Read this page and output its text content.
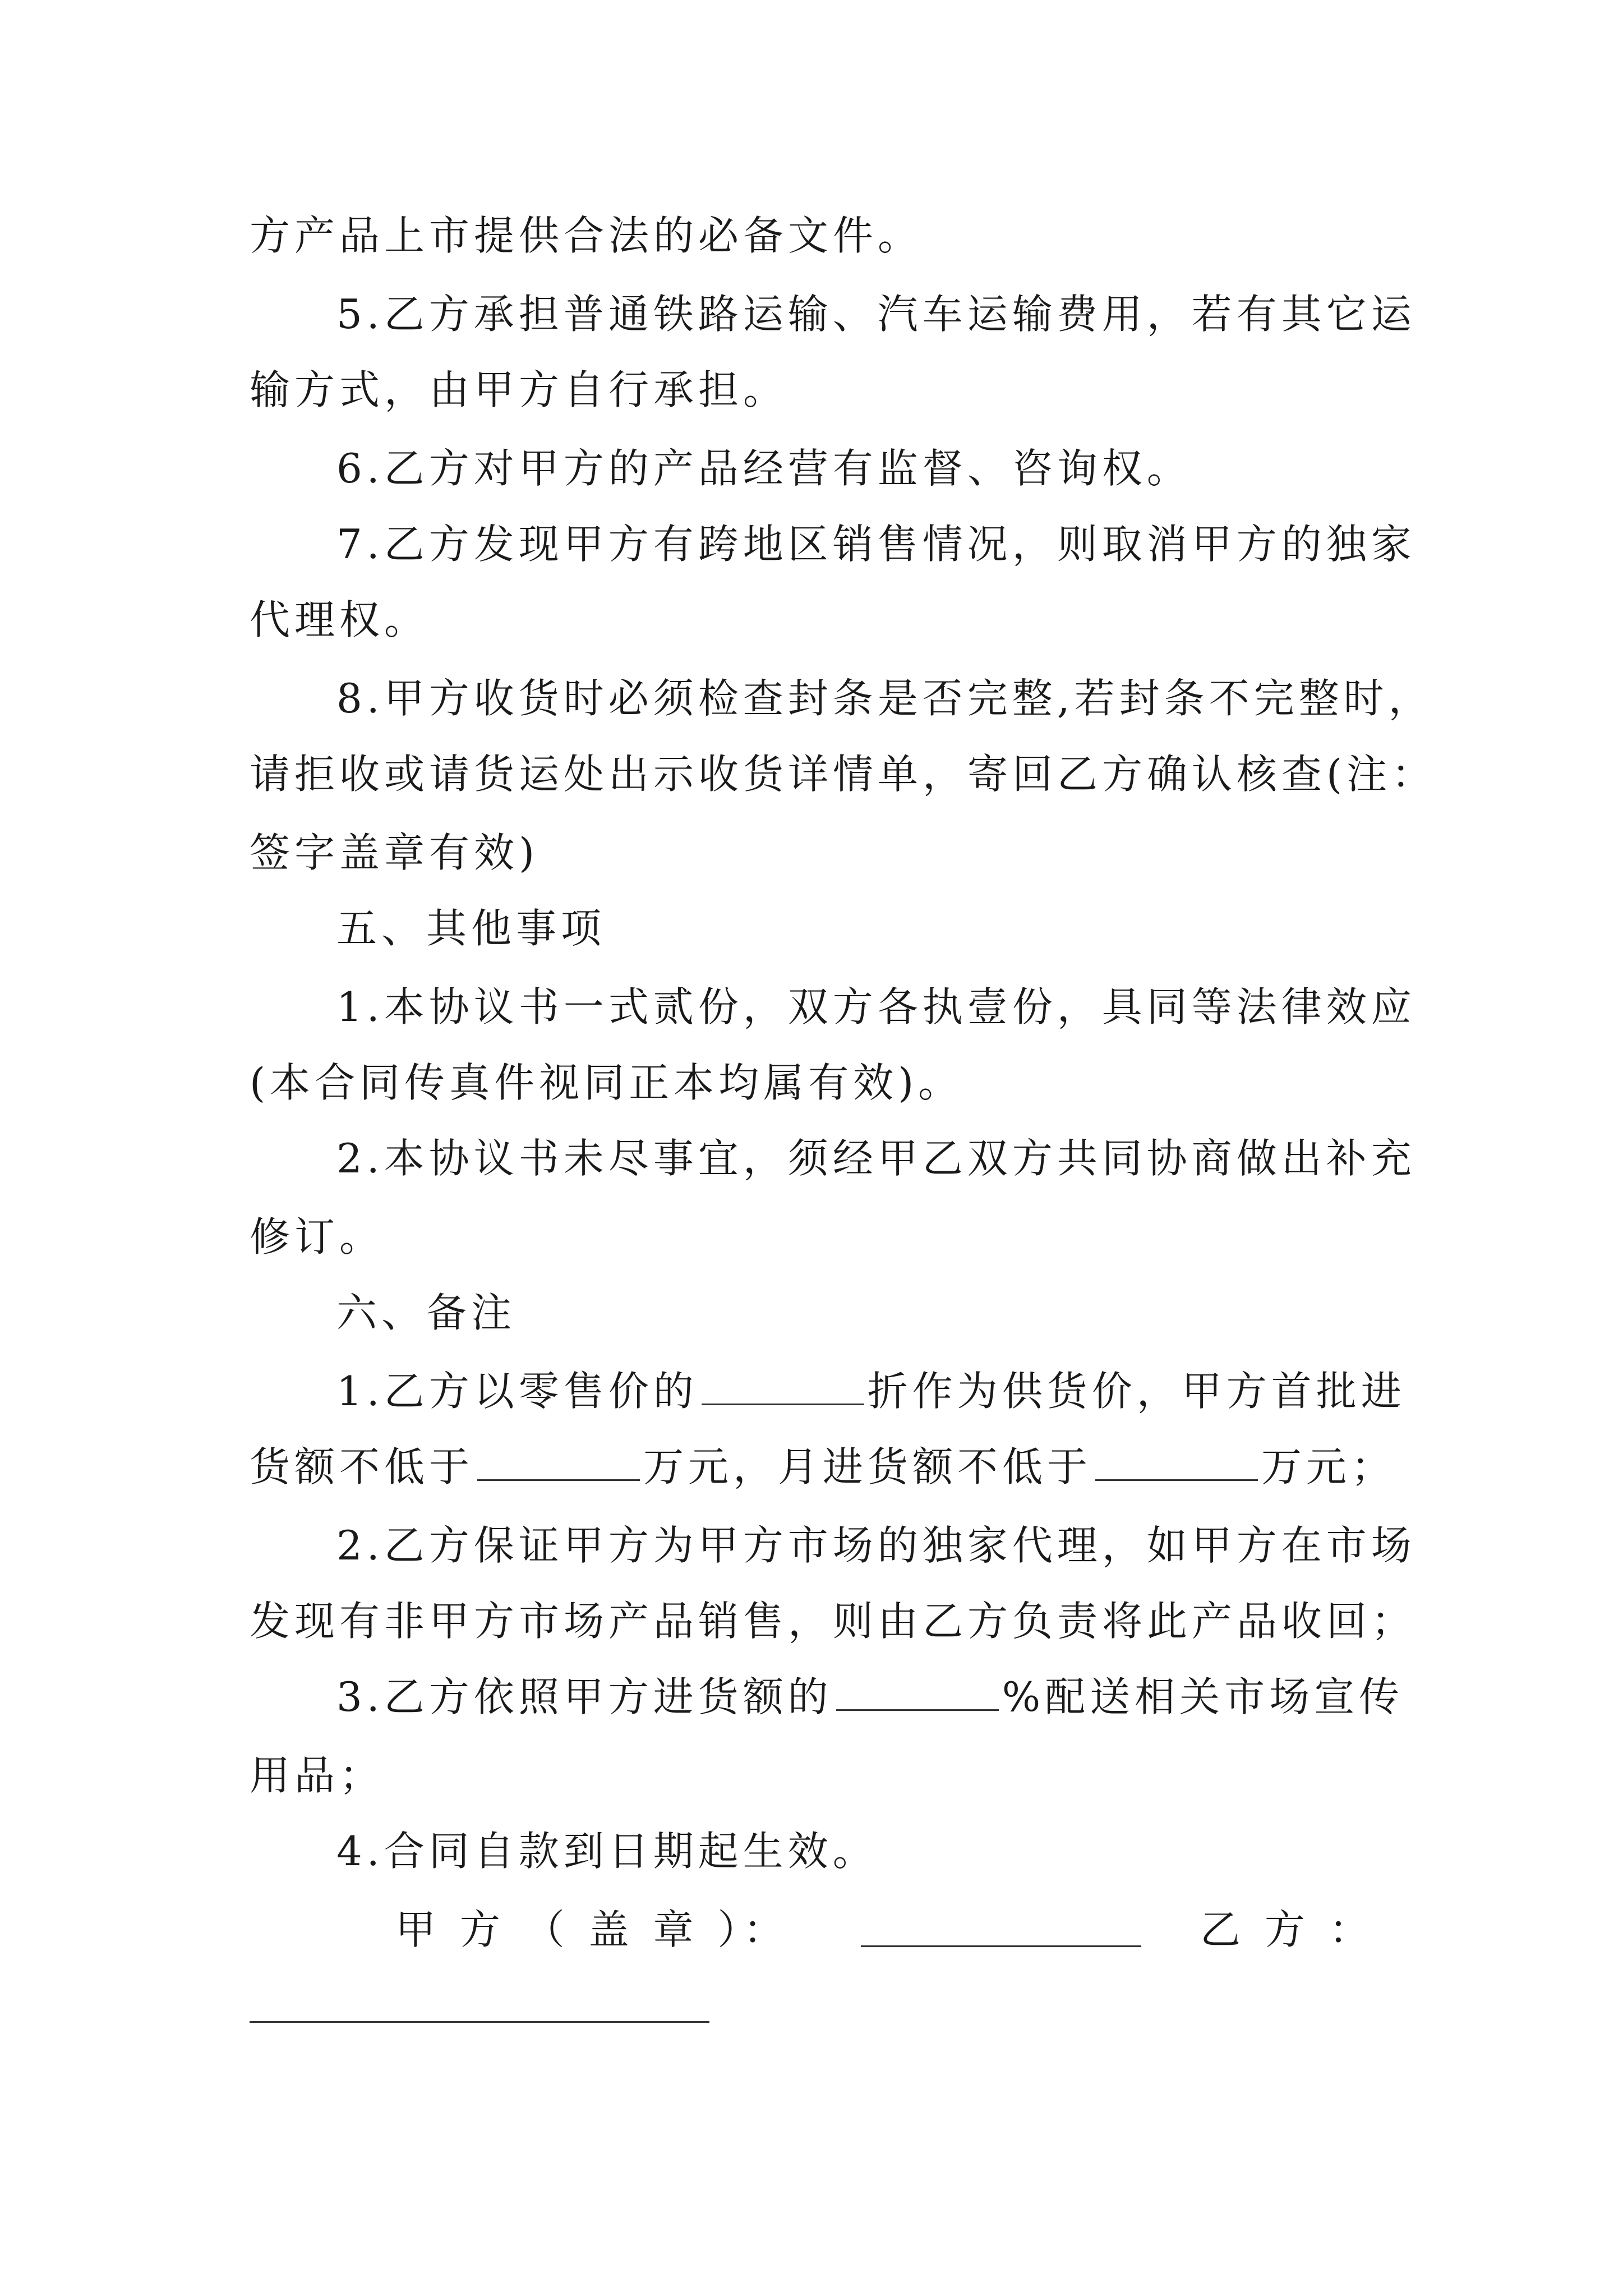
方产品上市提供合法的必备文件。
5.乙方承担普通铁路运输、汽车运输费用，若有其它运
输方式，由甲方自行承担。
6.乙方对甲方的产品经营有监督、咨询权。
7.乙方发现甲方有跨地区销售情况，则取消甲方的独家
代理权。
8.甲方收货时必须检查封条是否完整,若封条不完整时，
请拒收或请货运处出示收货详情单，寄回乙方确认核查(注：
签字盖章有效)
五、其他事项
1.本协议书一式贰份，双方各执壹份，具同等法律效应
(本合同传真件视同正本均属有效)。
2.本协议书未尽事宜，须经甲乙双方共同协商做出补充
修订。
六、备注
1.乙方以零售价的	折作为供货价，甲方首批进
货额不低于	万元，月进货额不低于	万元；
2.乙方保证甲方为甲方市场的独家代理，如甲方在市场
发现有非甲方市场产品销售，则由乙方负责将此产品收回；
3.乙方依照甲方进货额的	%配送相关市场宣传
用品；
4.合同自款到日期起生效。
甲 方 （ 盖 章 ）：	乙 方 ：
